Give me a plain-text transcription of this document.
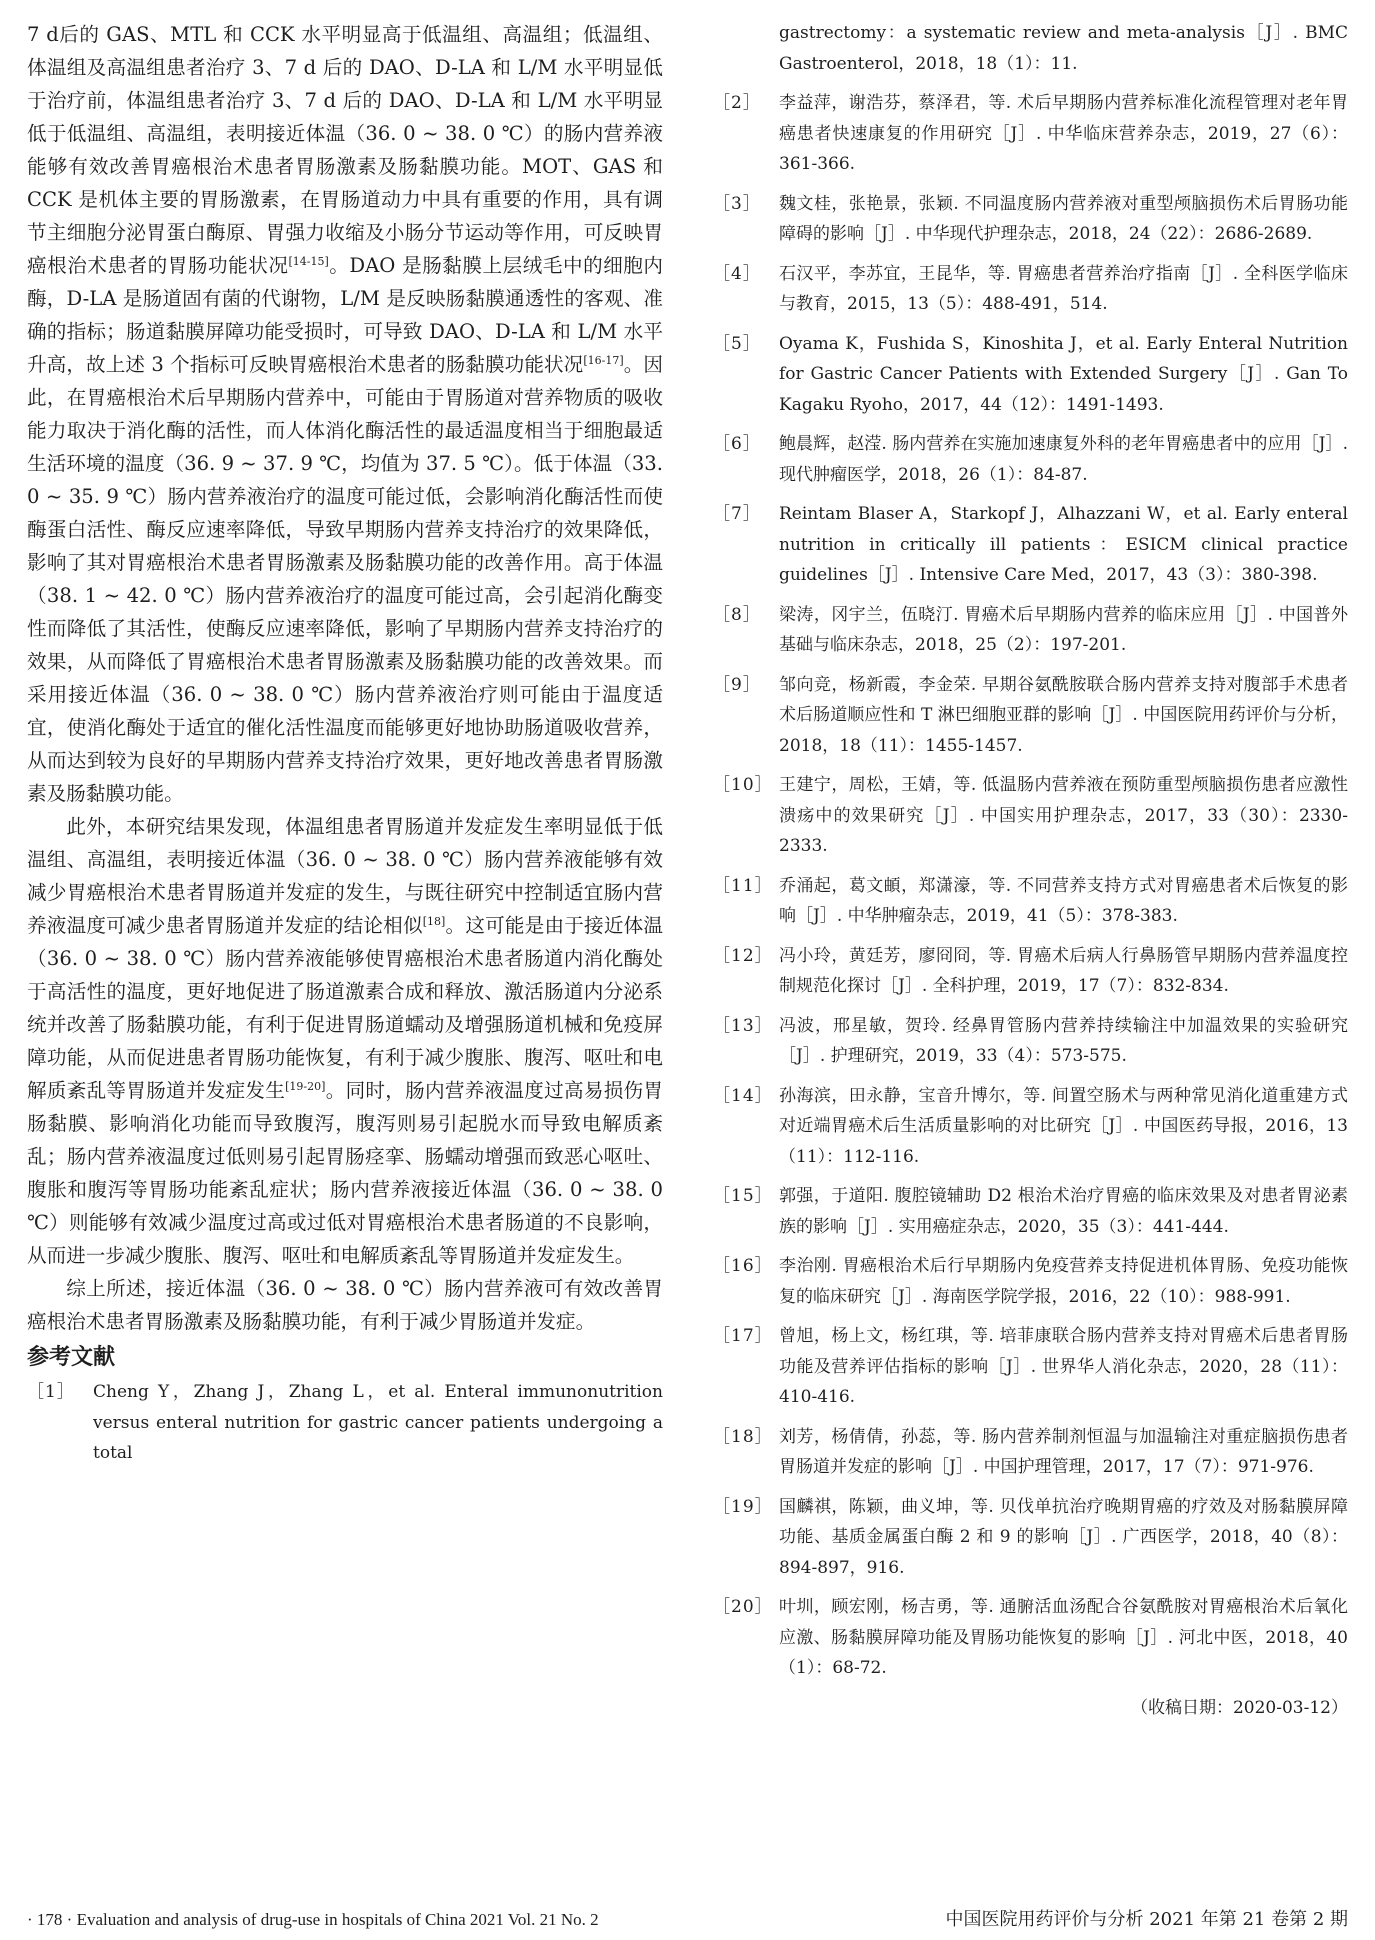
7 d后的 GAS、MTL 和 CCK 水平明显高于低温组、高温组；低温组、体温组及高温组患者治疗 3、7 d 后的 DAO、D-LA 和 L/M 水平明显低于治疗前，体温组患者治疗 3、7 d 后的 DAO、D-LA 和 L/M 水平明显低于低温组、高温组，表明接近体温（36. 0 ~ 38. 0 ℃）的肠内营养液能够有效改善胃癌根治术患者胃肠激素及肠黏膜功能。MOT、GAS 和 CCK 是机体主要的胃肠激素，在胃肠道动力中具有重要的作用，具有调节主细胞分泌胃蛋白酶原、胃强力收缩及小肠分节运动等作用，可反映胃癌根治术患者的胃肠功能状况[14-15]。DAO 是肠黏膜上层绒毛中的细胞内酶，D-LA 是肠道固有菌的代谢物，L/M 是反映肠黏膜通透性的客观、准确的指标；肠道黏膜屏障功能受损时，可导致 DAO、D-LA 和 L/M 水平升高，故上述 3 个指标可反映胃癌根治术患者的肠黏膜功能状况[16-17]。因此，在胃癌根治术后早期肠内营养中，可能由于胃肠道对营养物质的吸收能力取决于消化酶的活性，而人体消化酶活性的最适温度相当于细胞最适生活环境的温度（36. 9 ~ 37. 9 ℃，均值为 37. 5 ℃）。低于体温（33. 0 ~ 35. 9 ℃）肠内营养液治疗的温度可能过低，会影响消化酶活性而使酶蛋白活性、酶反应速率降低，导致早期肠内营养支持治疗的效果降低，影响了其对胃癌根治术患者胃肠激素及肠黏膜功能的改善作用。高于体温（38. 1 ~ 42. 0 ℃）肠内营养液治疗的温度可能过高，会引起消化酶变性而降低了其活性，使酶反应速率降低，影响了早期肠内营养支持治疗的效果，从而降低了胃癌根治术患者胃肠激素及肠黏膜功能的改善效果。而采用接近体温（36. 0 ~ 38. 0 ℃）肠内营养液治疗则可能由于温度适宜，使消化酶处于适宜的催化活性温度而能够更好地协助肠道吸收营养，从而达到较为良好的早期肠内营养支持治疗效果，更好地改善患者胃肠激素及肠黏膜功能。

此外，本研究结果发现，体温组患者胃肠道并发症发生率明显低于低温组、高温组，表明接近体温（36. 0 ~ 38. 0 ℃）肠内营养液能够有效减少胃癌根治术患者胃肠道并发症的发生，与既往研究中控制适宜肠内营养液温度可减少患者胃肠道并发症的结论相似[18]。这可能是由于接近体温（36. 0 ~ 38. 0 ℃）肠内营养液能够使胃癌根治术患者肠道内消化酶处于高活性的温度，更好地促进了肠道激素合成和释放、激活肠道内分泌系统并改善了肠黏膜功能，有利于促进胃肠道蠕动及增强肠道机械和免疫屏障功能，从而促进患者胃肠功能恢复，有利于减少腹胀、腹泻、呕吐和电解质紊乱等胃肠道并发症发生[19-20]。同时，肠内营养液温度过高易损伤胃肠黏膜、影响消化功能而导致腹泻，腹泻则易引起脱水而导致电解质紊乱；肠内营养液温度过低则易引起胃肠痉挛、肠蠕动增强而致恶心呕吐、腹胀和腹泻等胃肠功能紊乱症状；肠内营养液接近体温（36. 0 ~ 38. 0 ℃）则能够有效减少温度过高或过低对胃癌根治术患者肠道的不良影响，从而进一步减少腹胀、腹泻、呕吐和电解质紊乱等胃肠道并发症发生。

综上所述，接近体温（36. 0 ~ 38. 0 ℃）肠内营养液可有效改善胃癌根治术患者胃肠激素及肠黏膜功能，有利于减少胃肠道并发症。

参考文献
［1］	Cheng Y，Zhang J，Zhang L，et al. Enteral immunonutrition versus enteral nutrition for gastric cancer patients undergoing a total
gastrectomy：a systematic review and meta-analysis［J］. BMC Gastroenterol，2018，18（1）：11.
［2］	李益萍，谢浩芬，蔡泽君，等. 术后早期肠内营养标准化流程管理对老年胃癌患者快速康复的作用研究［J］. 中华临床营养杂志，2019，27（6）：361-366.
［3］	魏文桂，张艳景，张颖. 不同温度肠内营养液对重型颅脑损伤术后胃肠功能障碍的影响［J］. 中华现代护理杂志，2018，24（22）：2686-2689.
［4］	石汉平，李苏宜，王昆华，等. 胃癌患者营养治疗指南［J］. 全科医学临床与教育，2015，13（5）：488-491，514.
［5］	Oyama K，Fushida S，Kinoshita J，et al. Early Enteral Nutrition for Gastric Cancer Patients with Extended Surgery［J］. Gan To Kagaku Ryoho，2017，44（12）：1491-1493.
［6］	鲍晨辉，赵滢. 肠内营养在实施加速康复外科的老年胃癌患者中的应用［J］. 现代肿瘤医学，2018，26（1）：84-87.
［7］	Reintam Blaser A，Starkopf J，Alhazzani W，et al. Early enteral nutrition in critically ill patients：ESICM clinical practice guidelines［J］. Intensive Care Med，2017，43（3）：380-398.
［8］	梁涛，冈宇兰，伍晓汀. 胃癌术后早期肠内营养的临床应用［J］. 中国普外基础与临床杂志，2018，25（2）：197-201.
［9］	邹向竞，杨新霞，李金荣. 早期谷氨酰胺联合肠内营养支持对腹部手术患者术后肠道顺应性和 T 淋巴细胞亚群的影响［J］. 中国医院用药评价与分析，2018，18（11）：1455-1457.
［10］ 王建宁，周松，王婧，等. 低温肠内营养液在预防重型颅脑损伤患者应激性溃疡中的效果研究［J］. 中国实用护理杂志，2017，33（30）：2330-2333.
［11］ 乔涌起，葛文頔，郑潇濠，等. 不同营养支持方式对胃癌患者术后恢复的影响［J］. 中华肿瘤杂志，2019，41（5）：378-383.
［12］ 冯小玲，黄廷芳，廖冏冏，等. 胃癌术后病人行鼻肠管早期肠内营养温度控制规范化探讨［J］. 全科护理，2019，17（7）：832-834.
［13］ 冯波，邢星敏，贺玲. 经鼻胃管肠内营养持续输注中加温效果的实验研究［J］. 护理研究，2019，33（4）：573-575.
［14］ 孙海滨，田永静，宝音升博尔，等. 间置空肠术与两种常见消化道重建方式对近端胃癌术后生活质量影响的对比研究［J］. 中国医药导报，2016，13（11）：112-116.
［15］ 郭强，于道阳. 腹腔镜辅助 D2 根治术治疗胃癌的临床效果及对患者胃泌素族的影响［J］. 实用癌症杂志，2020，35（3）：441-444.
［16］ 李治刚. 胃癌根治术后行早期肠内免疫营养支持促进机体胃肠、免疫功能恢复的临床研究［J］. 海南医学院学报，2016，22（10）：988-991.
［17］ 曾旭，杨上文，杨红琪，等. 培菲康联合肠内营养支持对胃癌术后患者胃肠功能及营养评估指标的影响［J］. 世界华人消化杂志，2020，28（11）：410-416.
［18］ 刘芳，杨倩倩，孙蕊，等. 肠内营养制剂恒温与加温输注对重症脑损伤患者胃肠道并发症的影响［J］. 中国护理管理，2017，17（7）：971-976.
［19］ 国麟祺，陈颖，曲义坤，等. 贝伐单抗治疗晚期胃癌的疗效及对肠黏膜屏障功能、基质金属蛋白酶 2 和 9 的影响［J］. 广西医学，2018，40（8）：894-897，916.
［20］ 叶圳，顾宏刚，杨吉勇，等. 通腑活血汤配合谷氨酰胺对胃癌根治术后氧化应激、肠黏膜屏障功能及胃肠功能恢复的影响［J］. 河北中医，2018，40（1）：68-72.
（收稿日期：2020-03-12）
· 178 · Evaluation and analysis of drug-use in hospitals of China 2021 Vol. 21 No. 2	中国医院用药评价与分析 2021 年第 21 卷第 2 期
